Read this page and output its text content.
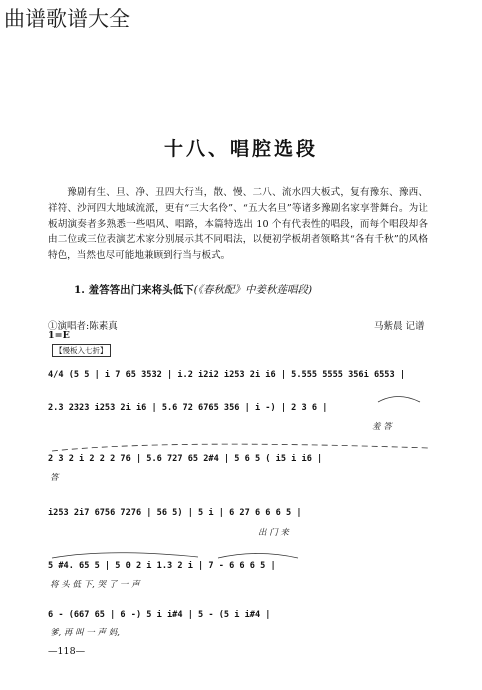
曲谱歌谱大全
十八、唱腔选段

豫剧有生、旦、净、丑四大行当，散、慢、二八、流水四大板式，复有豫东、豫西、祥符、沙河四大地域流派，更有“三大名伶”、“五大名旦”等诸多豫剧名家享誉舞台。为让板胡演奏者多熟悉一些唱风、唱路，本篇特选出 10 个有代表性的唱段，而每个唱段却各由二位或三位表演艺术家分别展示其不同唱法，以便初学板胡者领略其“各有千秋”的风格特色，当然也尽可能地兼顾到行当与板式。

1. 羞答答出门来将头低下(《春秋配》中姜秋莲唱段)
①演唱者:陈素真	马紫晨 记谱
1=E
【慢板入七折】
4/4 (5 5 | i 7 65 3532 | i.2 i2i2 i253 2i i6 | 5.555 5555 356i 6553 |
2.3 2323 i253 2i i6 | 5.6 72 6765 356 | i -) | 2 3 6 |
羞 答
2 3 2 i 2 2 2 76 | 5.6 727 65 2#4 | 5 6 5 ( i5 i i6 |
答
i253 2i7 6756 7276 | 56 5) | 5 i | 6 27 6 6 6 5 |
出 门 来
5 #4. 65 5 | 5 0 2 i 1.3 2 i | 7 - 6 6 6 5 |
将 头 低 下, 哭 了 一 声
6 - (667 65 | 6 -) 5 i i#4 | 5 - (5 i i#4 |
爹, 再 叫 一 声 妈,
—118—
